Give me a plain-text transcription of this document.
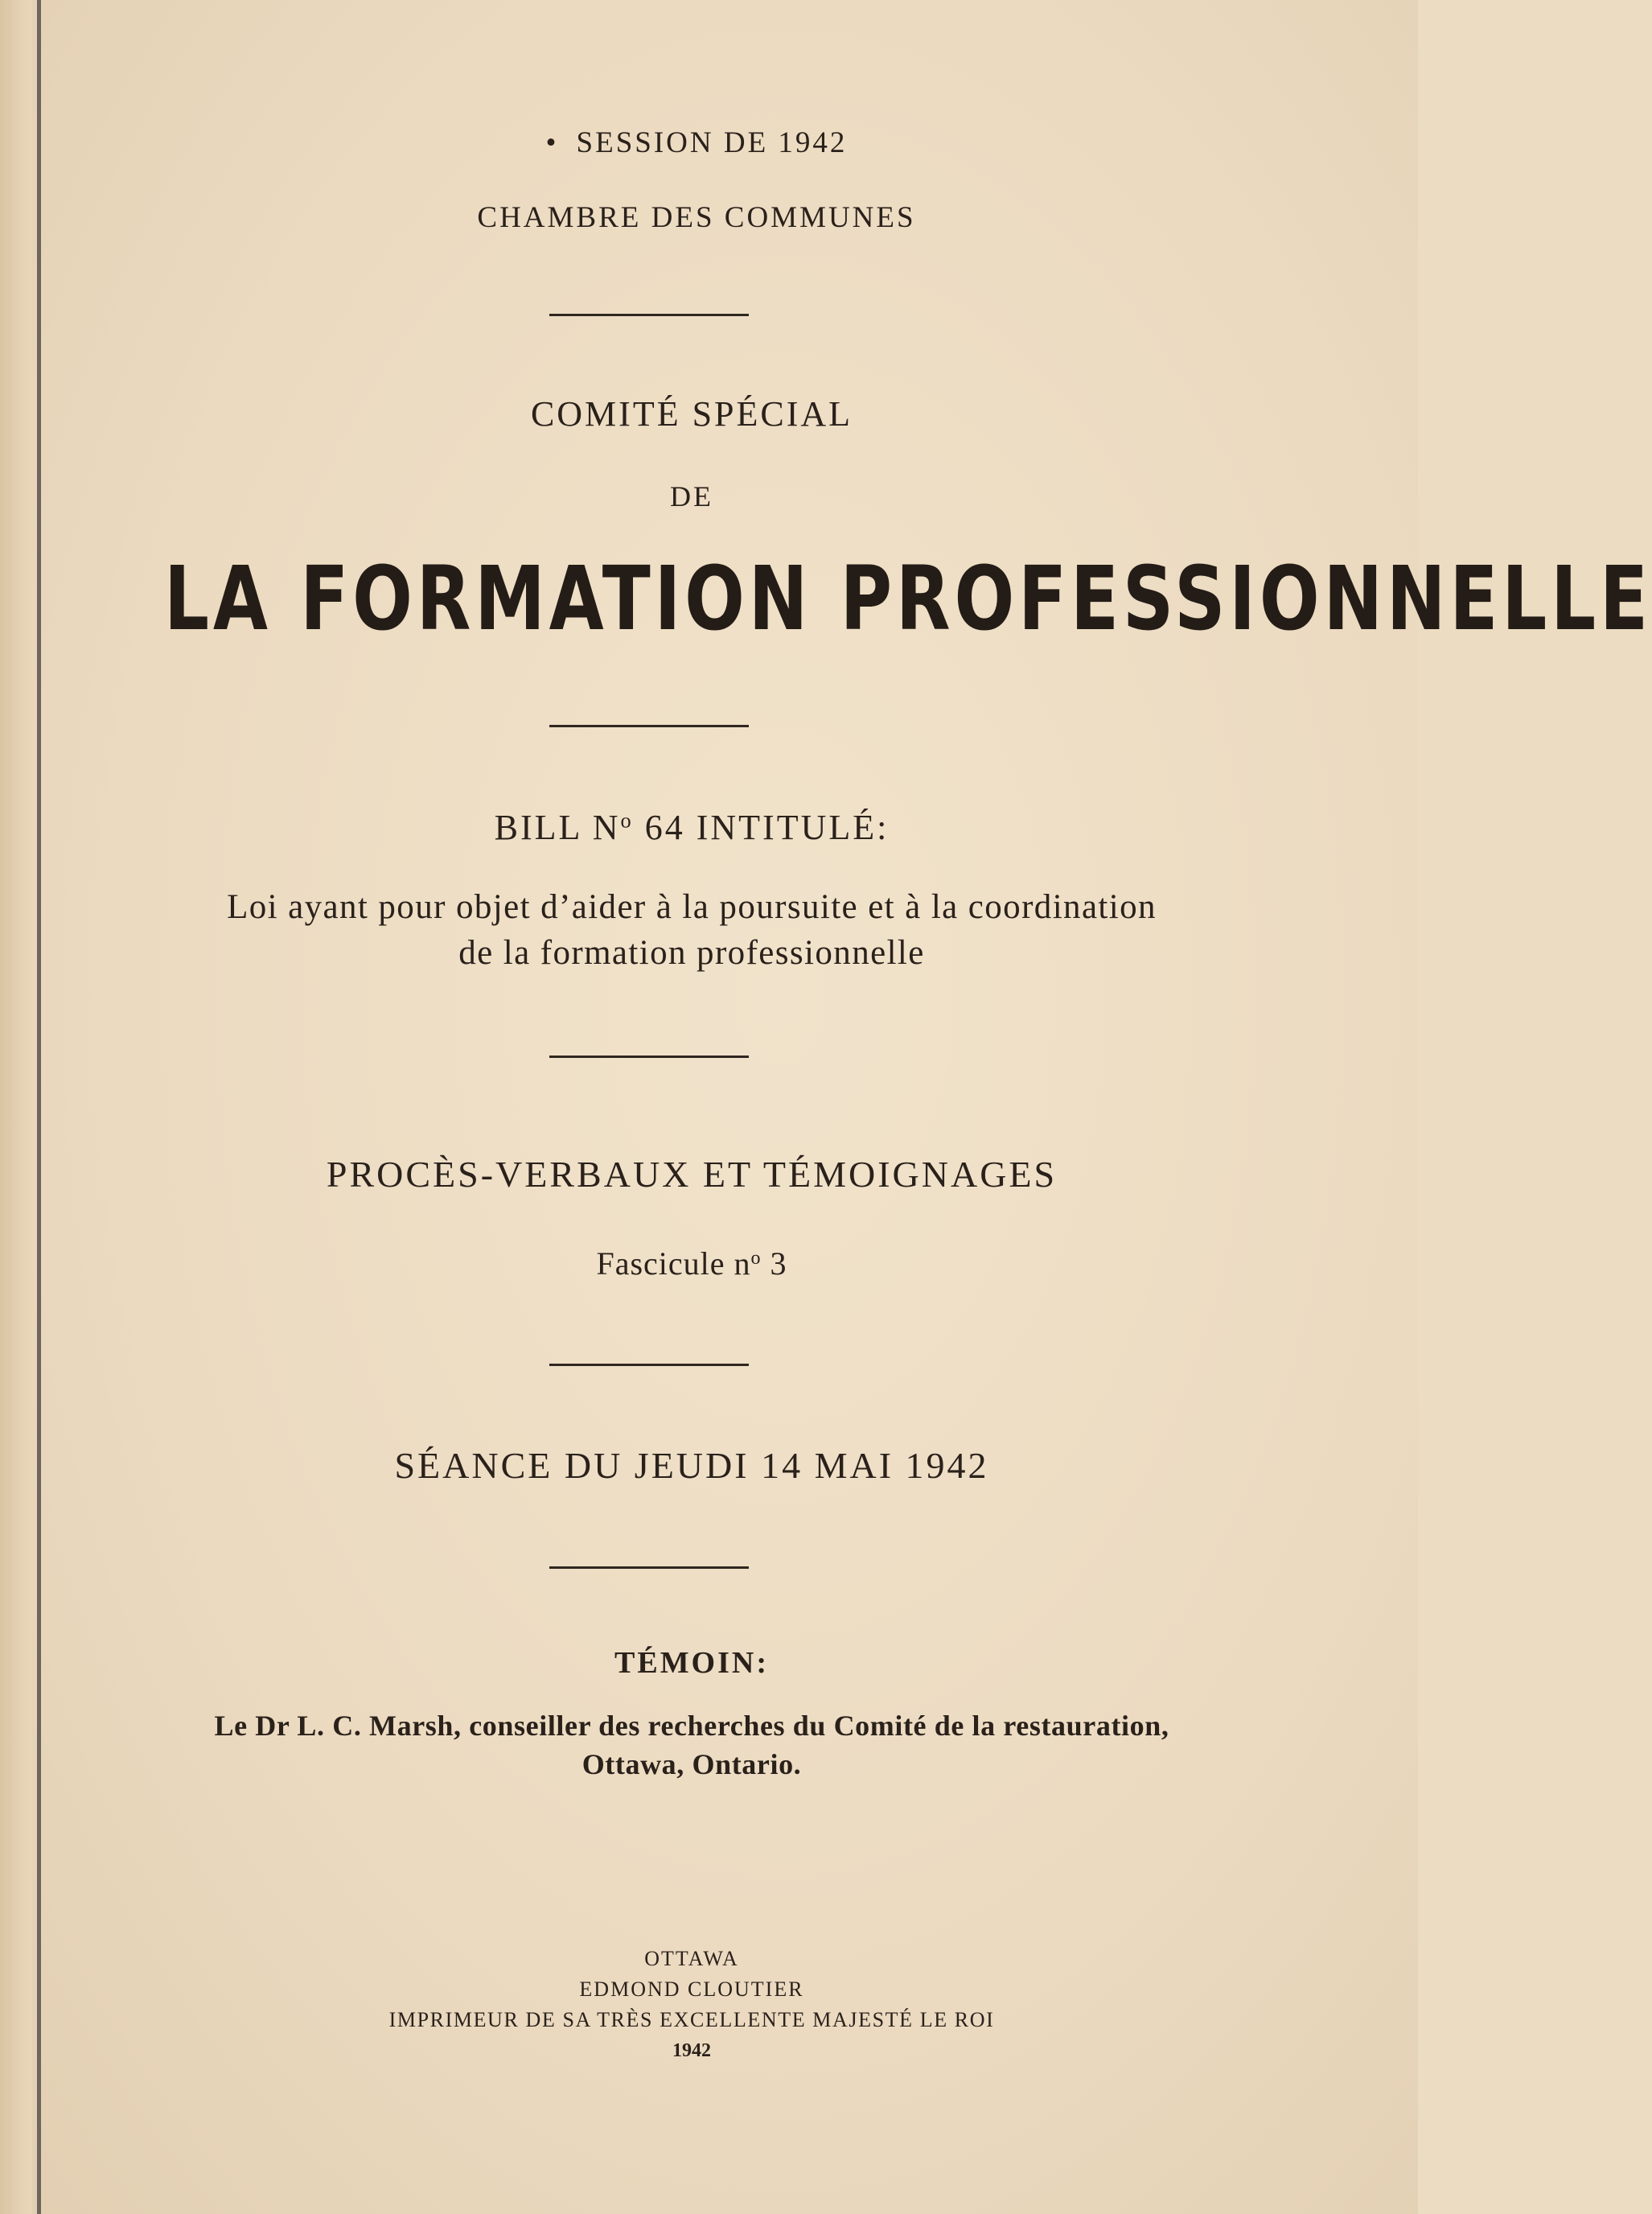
• SESSION DE 1942
CHAMBRE DES COMMUNES
COMITÉ SPÉCIAL
DE
LA FORMATION PROFESSIONNELLE
BILL $N^o$ 64 INTITULÉ:
Loi ayant pour objet d’aider à la poursuite et à la coordination
de la formation professionnelle
PROCÈS-VERBAUX ET TÉMOIGNAGES
Fascicule $n^o$ 3
SÉANCE DU JEUDI 14 MAI 1942
TÉMOIN:
Le Dr L. C. Marsh, conseiller des recherches du Comité de la restauration,
Ottawa, Ontario.
OTTAWA
EDMOND CLOUTIER
IMPRIMEUR DE SA TRÈS EXCELLENTE MAJESTÉ LE ROI
1942
